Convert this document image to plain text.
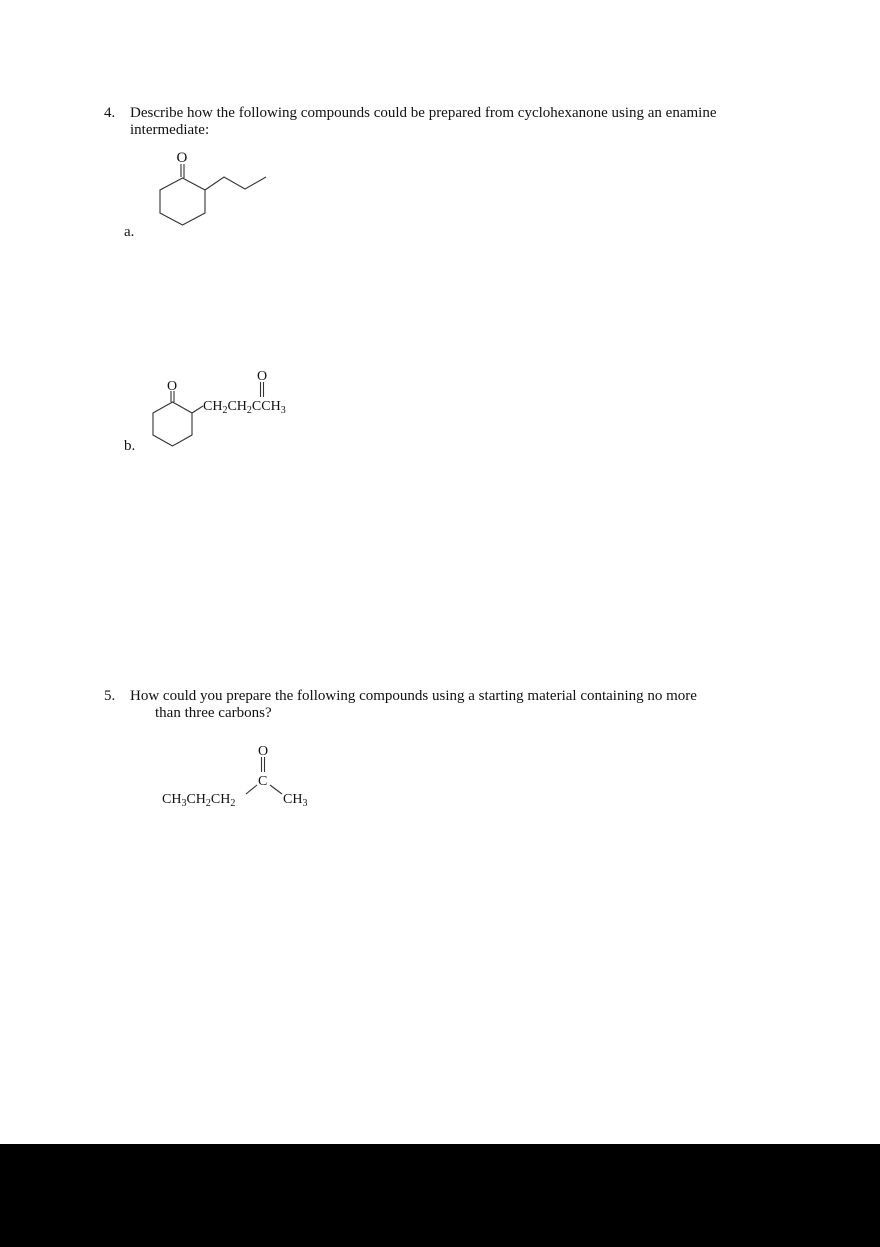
4. Describe how the following compounds could be prepared from cyclohexanone using an enamine
intermediate:
O
a.
O
O
$CH_2CH_2CCH_3$
b.
5. How could you prepare the following compounds using a starting material containing no more
than three carbons?
O
C
$CH_3CH_2CH_2$	$CH_3$
